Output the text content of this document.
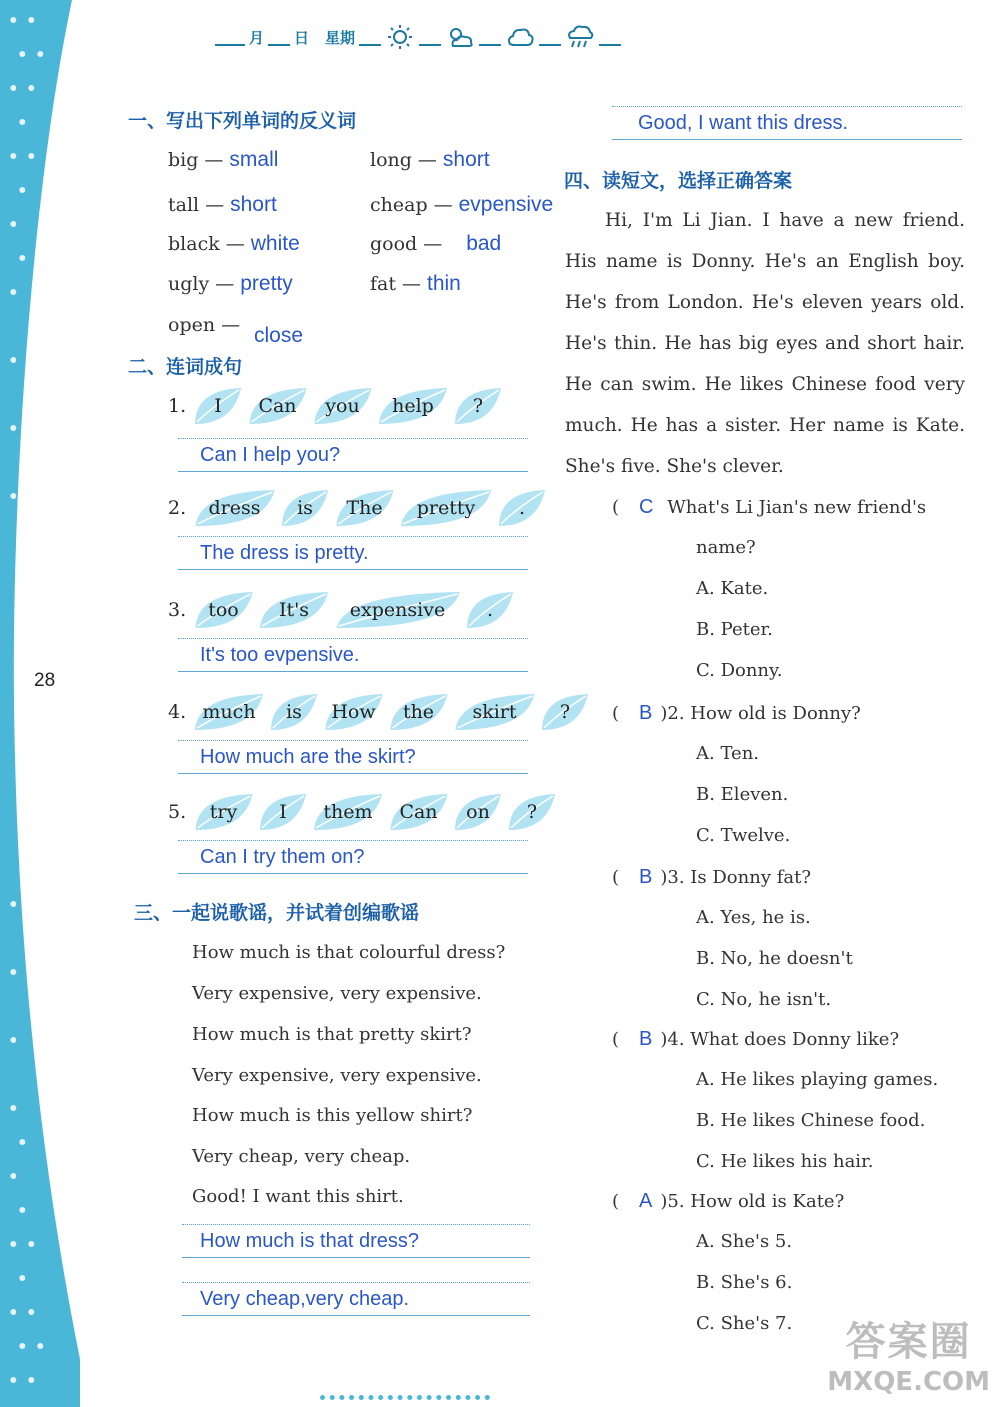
28
月 日 星期
一、写出下列单词的反义词
big — small	long — short
tall — short	cheap — evpensive
black — white	good — bad
ugly — pretty	fat — thin
open — close
二、连词成句
1.	I Can you help ?
Can I help you?
2.	dress is The pretty .
The dress is pretty.
3.	too It's expensive .
It's too evpensive.
4. much is How the skirt ?
How much are the skirt?
5.	try I them Can on ?
Can I try them on?
三、一起说歌谣，并试着创编歌谣
How much is that colourful dress?
Very expensive, very expensive.
How much is that pretty skirt?
Very expensive, very expensive.
How much is this yellow shirt?
Very cheap, very cheap.
Good! I want this shirt.
How much is that dress?
Very cheap,very cheap.
Good, I want this dress.
四、读短文，选择正确答案

Hi, I'm Li Jian. I have a new friend. His name is Donny. He's an English boy. He's from London. He's eleven years old. He's thin. He has big eyes and short hair. He can swim. He likes Chinese food very much. He has a sister. Her name is Kate. She's five. She's clever.

( C What's Li Jian's new friend's
name?
A. Kate.
B. Peter.
C. Donny.
( B )2. How old is Donny?
A. Ten.
B. Eleven.
C. Twelve.
( B )3. Is Donny fat?
A. Yes, he is.
B. No, he doesn't
C. No, he isn't.
( B )4. What does Donny like?
A. He likes playing games.
B. He likes Chinese food.
C. He likes his hair.
( A )5. How old is Kate?
A. She's 5.
B. She's 6.
C. She's 7.	答案圈
MXQE.COM
